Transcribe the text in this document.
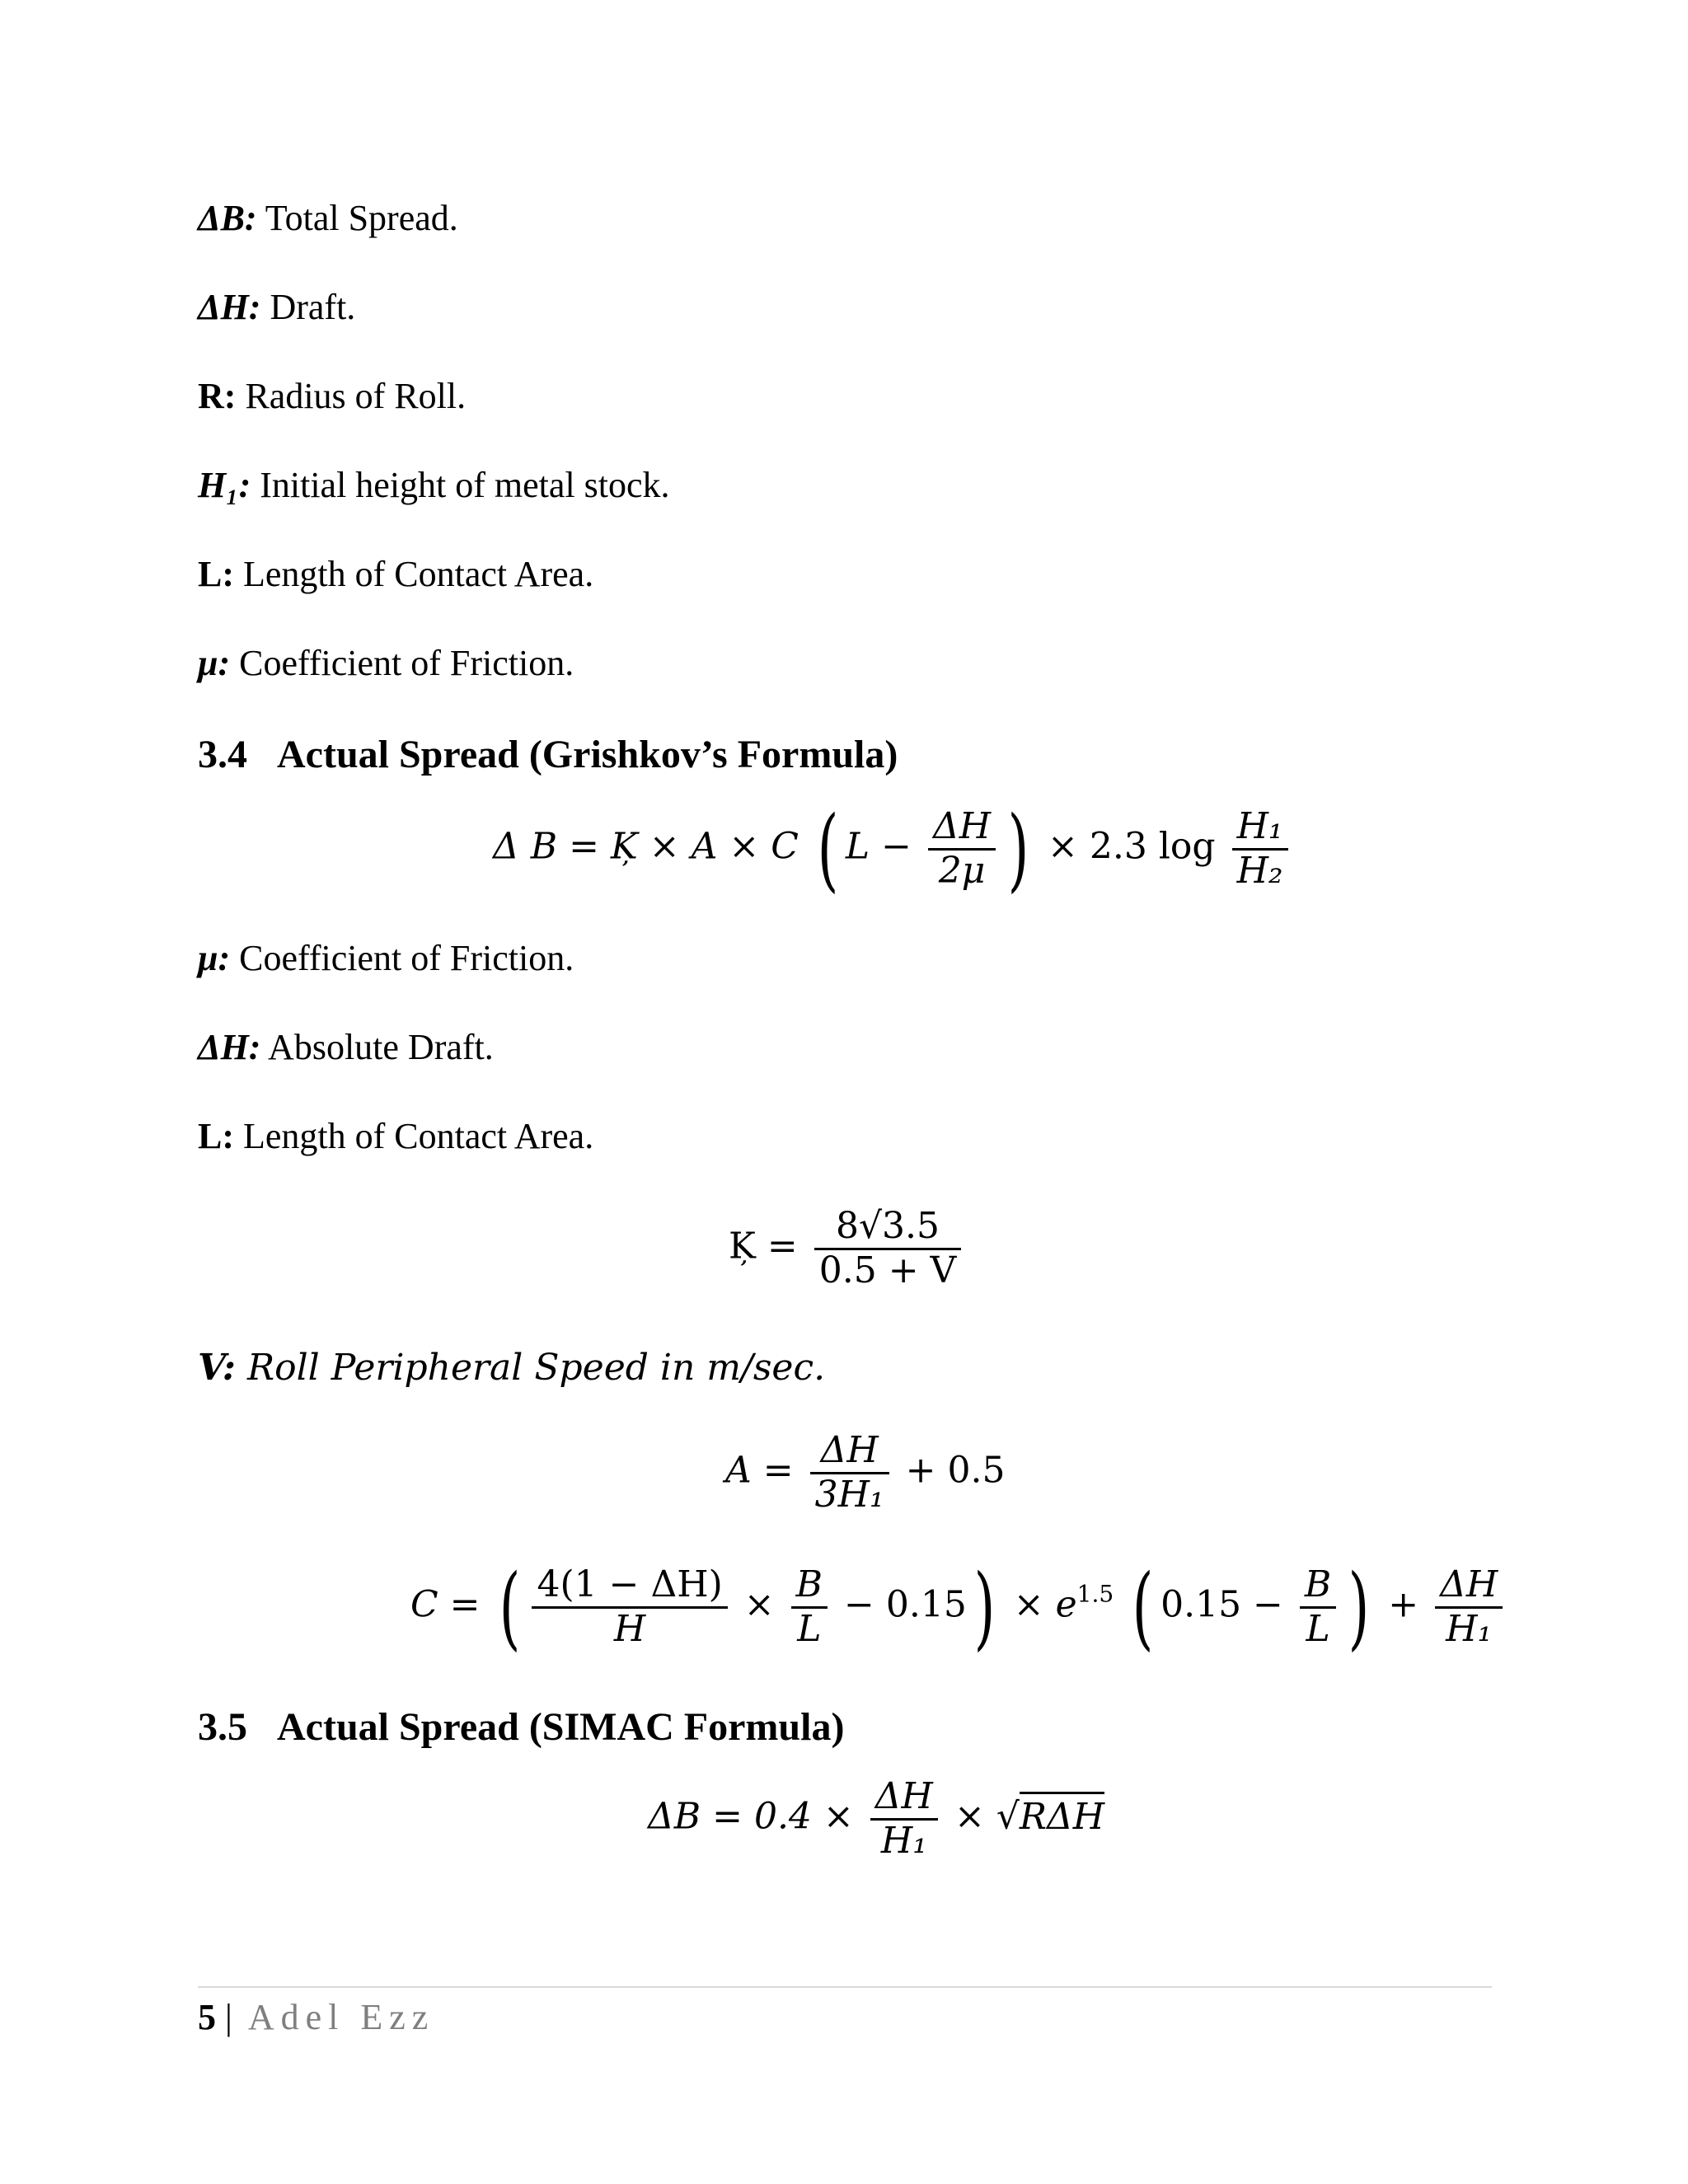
ΔB: Total Spread.
ΔH: Draft.
R: Radius of Roll.
H₁: Initial height of metal stock.
L: Length of Contact Area.
μ: Coefficient of Friction.
3.4 Actual Spread (Grishkov’s Formula)
Δ B = Ķ × A × C ( $L - \frac{\Delta H}{2\mu}$ ) × 2.3 $\log \frac{\text{H₁}}{\text{H₂}}$
μ: Coefficient of Friction.
ΔH: Absolute Draft.
L: Length of Contact Area.
Ķ = $\frac{8√3.5}{0.5 + V}$
V: Roll Peripheral Speed in m/sec.
$A = \frac{\Delta H}{\text{3H₁}} + 0.5$
C = ( $\frac{4(1 - \Delta H)}{H} \times \frac{B}{L} - 0.15) \times e^{1.5}$ ( $0.15 - \frac{B}{L}$ ) + $\frac{\Delta H}{\text{H₁}}$
3.5 Actual Spread (SIMAC Formula)
$\Delta B = 0.4 \times \frac{\Delta H}{\text{H₁}} \times √R\Delta H$
5 | Adel Ezz
